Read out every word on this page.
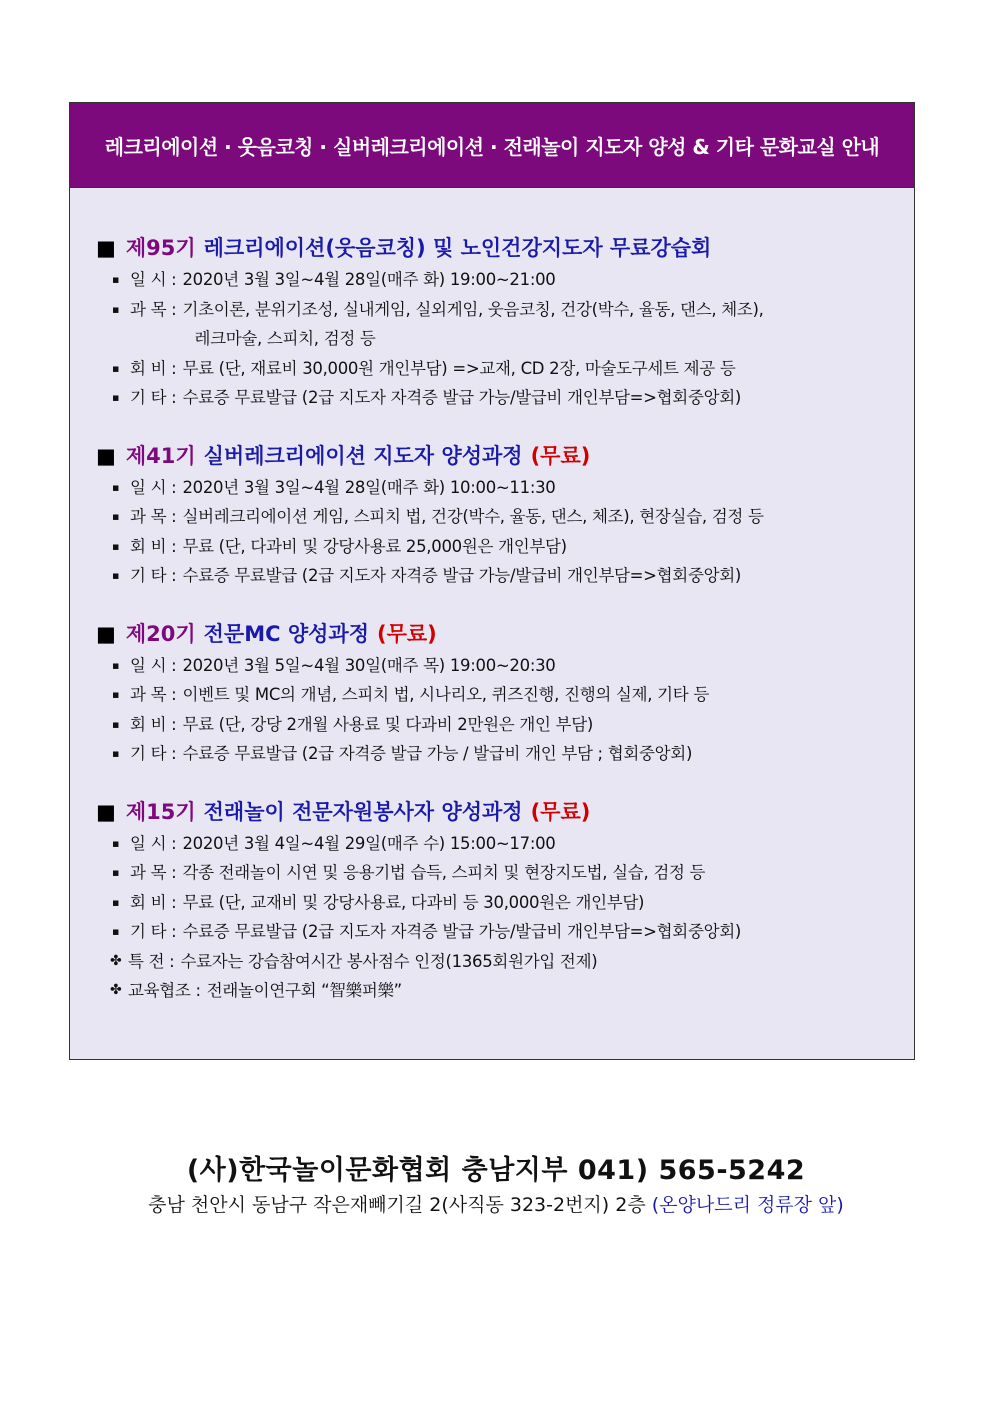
레크리에이션 · 웃음코칭 · 실버레크리에이션 · 전래놀이 지도자 양성 & 기타 문화교실 안내
■ 제95기 레크리에이션(웃음코칭) 및 노인건강지도자 무료강습회
▪ 일 시 : 2020년 3월 3일~4월 28일(매주 화) 19:00~21:00
▪ 과 목 : 기초이론, 분위기조성, 실내게임, 실외게임, 웃음코칭, 건강(박수, 율동, 댄스, 체조),
레크마술, 스피치, 검정 등
▪ 회 비 : 무료 (단, 재료비 30,000원 개인부담) =>교재, CD 2장, 마술도구세트 제공 등
▪ 기 타 : 수료증 무료발급 (2급 지도자 자격증 발급 가능/발급비 개인부담=>협회중앙회)
■ 제41기 실버레크리에이션 지도자 양성과정 (무료)
▪ 일 시 : 2020년 3월 3일~4월 28일(매주 화) 10:00~11:30
▪ 과 목 : 실버레크리에이션 게임, 스피치 법, 건강(박수, 율동, 댄스, 체조), 현장실습, 검정 등
▪ 회 비 : 무료 (단, 다과비 및 강당사용료 25,000원은 개인부담)
▪ 기 타 : 수료증 무료발급 (2급 지도자 자격증 발급 가능/발급비 개인부담=>협회중앙회)
■ 제20기 전문MC 양성과정 (무료)
▪ 일 시 : 2020년 3월 5일~4월 30일(매주 목) 19:00~20:30
▪ 과 목 : 이벤트 및 MC의 개념, 스피치 법, 시나리오, 퀴즈진행, 진행의 실제, 기타 등
▪ 회 비 : 무료 (단, 강당 2개월 사용료 및 다과비 2만원은 개인 부담)
▪ 기 타 : 수료증 무료발급 (2급 자격증 발급 가능 / 발급비 개인 부담 ; 협회중앙회)
■ 제15기 전래놀이 전문자원봉사자 양성과정 (무료)
▪ 일 시 : 2020년 3월 4일~4월 29일(매주 수) 15:00~17:00
▪ 과 목 : 각종 전래놀이 시연 및 응용기법 습득, 스피치 및 현장지도법, 실습, 검정 등
▪ 회 비 : 무료 (단, 교재비 및 강당사용료, 다과비 등 30,000원은 개인부담)
▪ 기 타 : 수료증 무료발급 (2급 지도자 자격증 발급 가능/발급비 개인부담=>협회중앙회)
✤ 특 전 : 수료자는 강습참여시간 봉사점수 인정(1365회원가입 전제)
✤ 교육협조 : 전래놀이연구회 “智樂퍼樂”
(사)한국놀이문화협회 충남지부 041) 565-5242
충남 천안시 동남구 작은재빼기길 2(사직동 323-2번지) 2층 (온양나드리 정류장 앞)
